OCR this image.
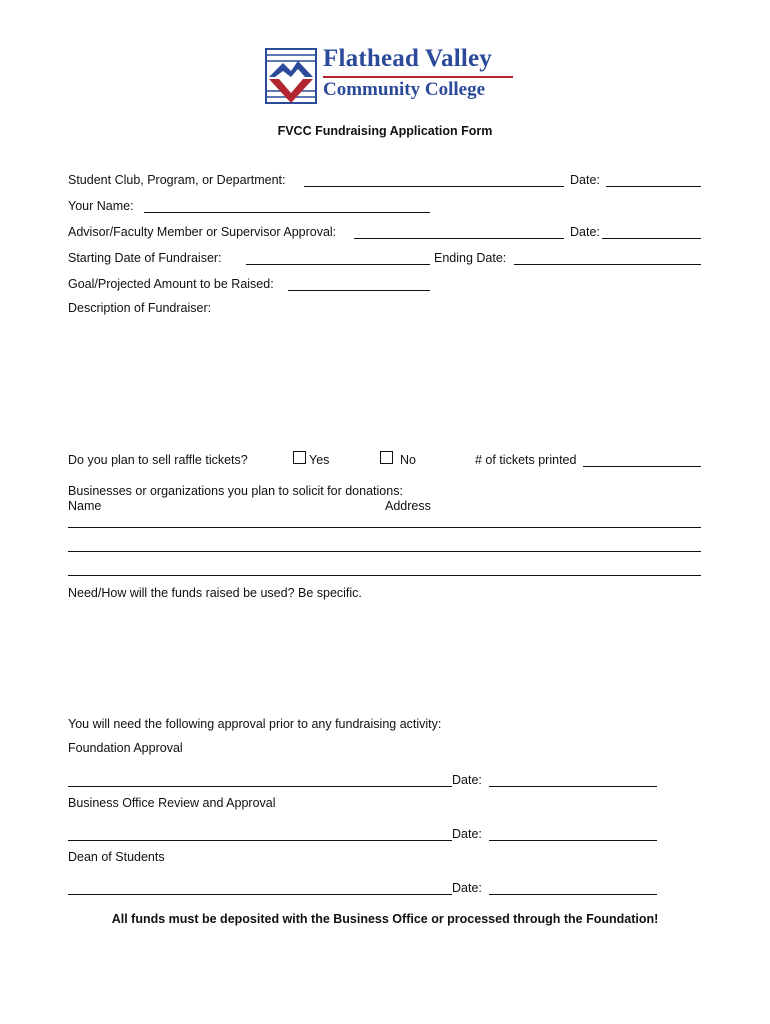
Flathead Valley
Community College
FVCC Fundraising Application Form
Student Club, Program, or Department:	Date:
Your Name:
Advisor/Faculty Member or Supervisor Approval:	Date:
Starting Date of Fundraiser:	Ending Date:
Goal/Projected Amount to be Raised:
Description of Fundraiser:
Do you plan to sell raffle tickets?	Yes	No	# of tickets printed
Businesses or organizations you plan to solicit for donations:
Name	Address
Need/How will the funds raised be used? Be specific.
You will need the following approval prior to any fundraising activity:
Foundation Approval
Date:
Business Office Review and Approval
Date:
Dean of Students
Date:
All funds must be deposited with the Business Office or processed through the Foundation!
